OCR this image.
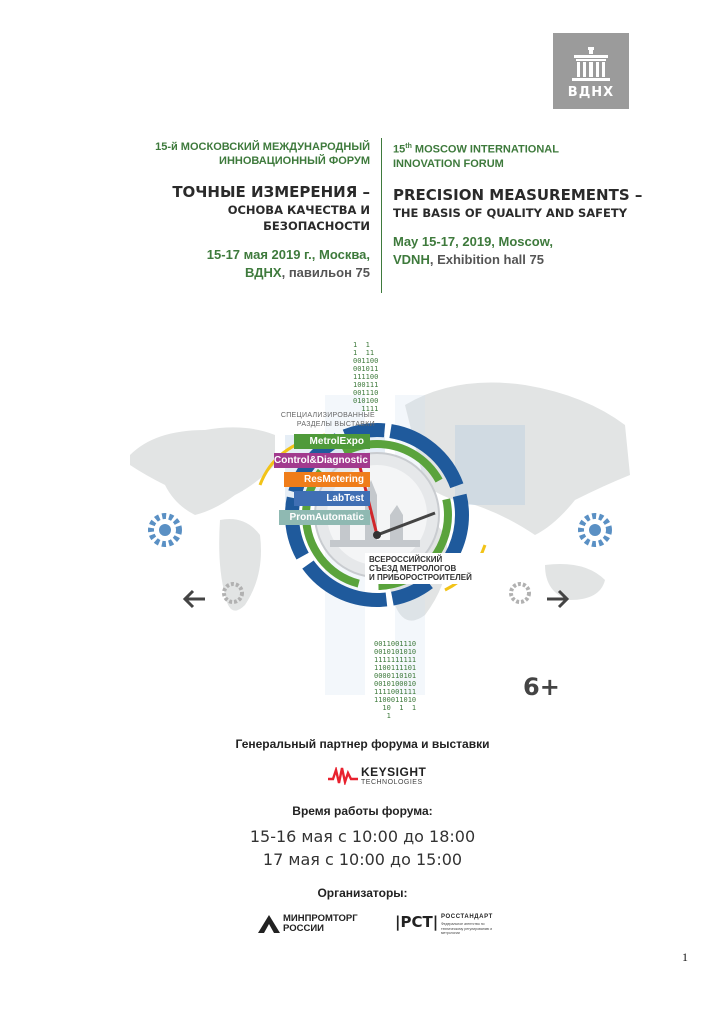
ВДНХ
15-й МОСКОВСКИЙ МЕЖДУНАРОДНЫЙ
ИННОВАЦИОННЫЙ ФОРУМ
ТОЧНЫЕ ИЗМЕРЕНИЯ –
ОСНОВА КАЧЕСТВА И БЕЗОПАСНОСТИ
15-17 мая 2019 г., Москва,
ВДНХ, павильон 75
15th MOSCOW INTERNATIONAL
INNOVATION FORUM
PRECISION MEASUREMENTS –
THE BASIS OF QUALITY AND SAFETY
May 15-17, 2019, Moscow,
VDNH, Exhibition hall 75
СПЕЦИАЛИЗИРОВАННЫЕ
РАЗДЕЛЫ ВЫСТАВКИ
MetrolExpo
Control&Diagnostic
ResMetering
LabTest
PromAutomatic
1  1
1  11
001100
001011
111100
100111
001110
010100
1111
0011001110
0010101010
1111111111
1100111101
0000110101
0010100010
1111001111
1100011010
10  1  1
1
ВСЕРОССИЙСКИЙ
СЪЕЗД МЕТРОЛОГОВ
И ПРИБОРОСТРОИТЕЛЕЙ
6+
Генеральный партнер форума и выставки
KEYSIGHT
TECHNOLOGIES
Время работы форума:
15-16 мая с 10:00 до 18:00
17 мая с 10:00 до 15:00
Организаторы:
МИНПРОМТОРГ
РОССИИ	|РСТ| РОССТАНДАРТ
Федеральное агентство по техническому регулированию и метрологии
1
